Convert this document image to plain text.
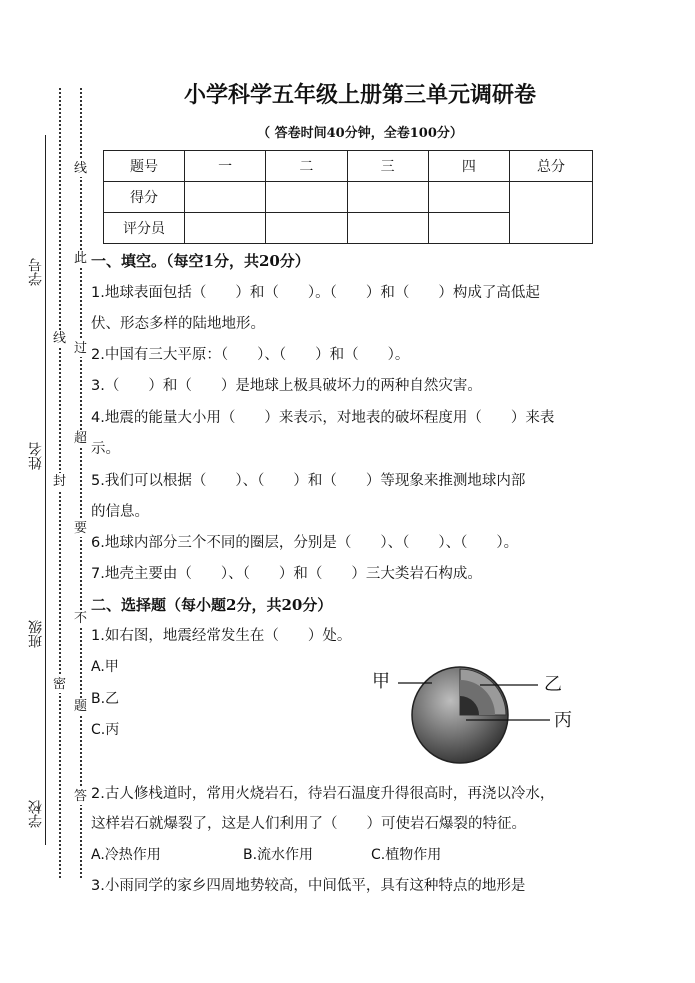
学号
姓名
班级
学校
线
封
密
线
此
过
超
要
不
题
答
小学科学五年级上册第三单元调研卷
（ 答卷时间40分钟，全卷100分）
题号	一	二	三	四	总分
得分					
评分员					
一、填空。（每空1分，共20分）
1.地球表面包括（　　）和（　　）。（　　）和（　　）构成了高低起
伏、形态多样的陆地地形。
2.中国有三大平原：（　　）、（　　）和（　　）。
3.（　　）和（　　）是地球上极具破坏力的两种自然灾害。
4.地震的能量大小用（　　）来表示，对地表的破坏程度用（　　）来表
示。
5.我们可以根据（　　）、（　　）和（　　）等现象来推测地球内部
的信息。
6.地球内部分三个不同的圈层，分别是（　　）、（　　）、（　　）。
7.地壳主要由（　　）、（　　）和（　　）三大类岩石构成。
二、选择题（每小题2分，共20分）
1.如右图，地震经常发生在（　　）处。
A.甲
B.乙
C.丙
甲	乙
丙
2.古人修栈道时，常用火烧岩石，待岩石温度升得很高时，再浇以冷水，
这样岩石就爆裂了，这是人们利用了（　　）可使岩石爆裂的特征。
A.冷热作用	B.流水作用	C.植物作用
3.小雨同学的家乡四周地势较高，中间低平，具有这种特点的地形是
